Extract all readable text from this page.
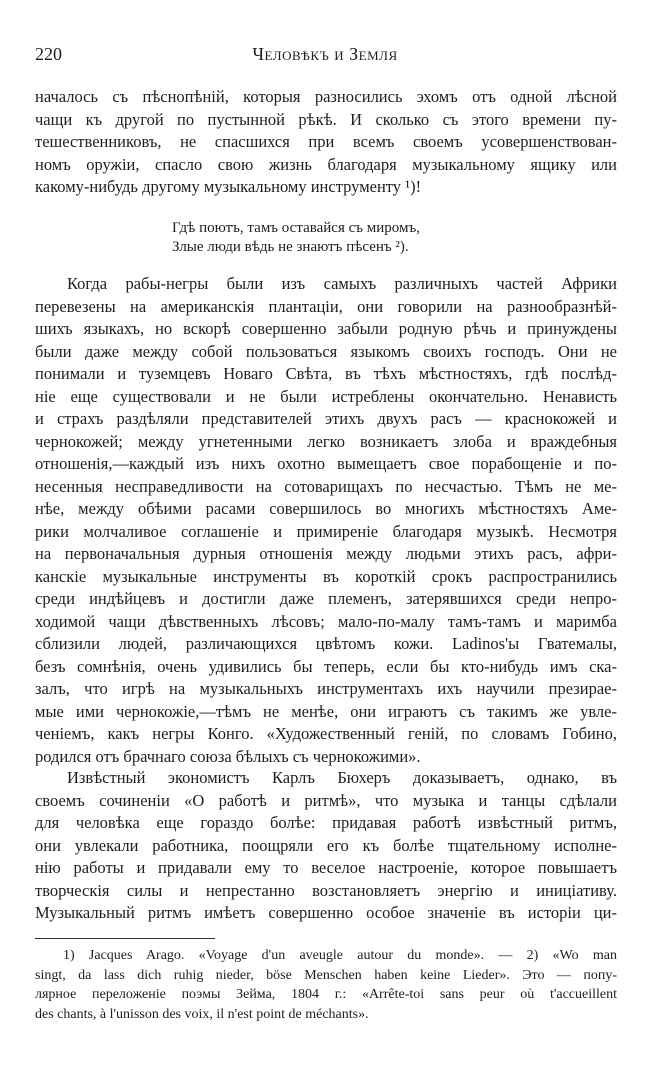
220	Человѣкъ и Земля
началось съ пѣснопѣній, которыя разносились эхомъ отъ одной лѣсной
чащи къ другой по пустынной рѣкѣ. И сколько съ этого времени пу-
тешественниковъ, не спасшихся при всемъ своемъ усовершенствован-
номъ оружіи, спасло свою жизнь благодаря музыкальному ящику или
какому-нибудь другому музыкальному инструменту ¹)!
Когда рабы-негры были изъ самыхъ различныхъ частей Африки
перевезены на американскія плантаціи, они говорили на разнообразнѣй-
шихъ языкахъ, но вскорѣ совершенно забыли родную рѣчь и принуждены
были даже между собой пользоваться языкомъ своихъ господъ. Они не
понимали и туземцевъ Новаго Свѣта, въ тѣхъ мѣстностяхъ, гдѣ послѣд-
ніе еще существовали и не были истреблены окончательно. Ненависть
и страхъ раздѣляли представителей этихъ двухъ расъ — краснокожей и
чернокожей; между угнетенными легко возникаетъ злоба и враждебныя
отношенія,—каждый изъ нихъ охотно вымещаетъ свое порабощеніе и по-
несенныя несправедливости на сотоварищахъ по несчастью. Тѣмъ не ме-
нѣе, между обѣими расами совершилось во многихъ мѣстностяхъ Аме-
рики молчаливое соглашеніе и примиреніе благодаря музыкѣ. Несмотря
на первоначальныя дурныя отношенія между людьми этихъ расъ, афри-
канскіе музыкальные инструменты въ короткій срокъ распространились
среди индѣйцевъ и достигли даже племенъ, затерявшихся среди непро-
ходимой чащи дѣвственныхъ лѣсовъ; мало-по-малу тамъ-тамъ и маримба
сблизили людей, различающихся цвѣтомъ кожи. Ladinos'ы Гватемалы,
безъ сомнѣнія, очень удивились бы теперь, если бы кто-нибудь имъ ска-
залъ, что игрѣ на музыкальныхъ инструментахъ ихъ научили презирае-
мые ими чернокожіе,—тѣмъ не менѣе, они играютъ съ такимъ же увле-
ченіемъ, какъ негры Конго. «Художественный геній, по словамъ Гобино,
родился отъ брачнаго союза бѣлыхъ съ чернокожими».
Извѣстный экономистъ Карлъ Бюхеръ доказываетъ, однако, въ
своемъ сочиненіи «О работѣ и ритмѣ», что музыка и танцы сдѣлали
для человѣка еще гораздо болѣе: придавая работѣ извѣстный ритмъ,
они увлекали работника, поощряли его къ болѣе тщательному исполне-
нію работы и придавали ему то веселое настроеніе, которое повышаетъ
творческія силы и непрестанно возстановляетъ энергію и иниціативу.
Музыкальный ритмъ имѣетъ совершенно особое значеніе въ исторіи ци-
Гдѣ поютъ, тамъ оставайся съ миромъ,
Злые люди вѣдь не знаютъ пѣсенъ ²).
1) Jacques Arago. «Voyage d'un aveugle autour du monde». — 2) «Wo man
singt, da lass dich ruhig nieder, böse Menschen haben keine Lieder». Это — попу-
лярное переложеніе поэмы Зейма, 1804 г.: «Arrête-toi sans peur où t'accueillent
des chants, à l'unisson des voix, il n'est point de méchants».
